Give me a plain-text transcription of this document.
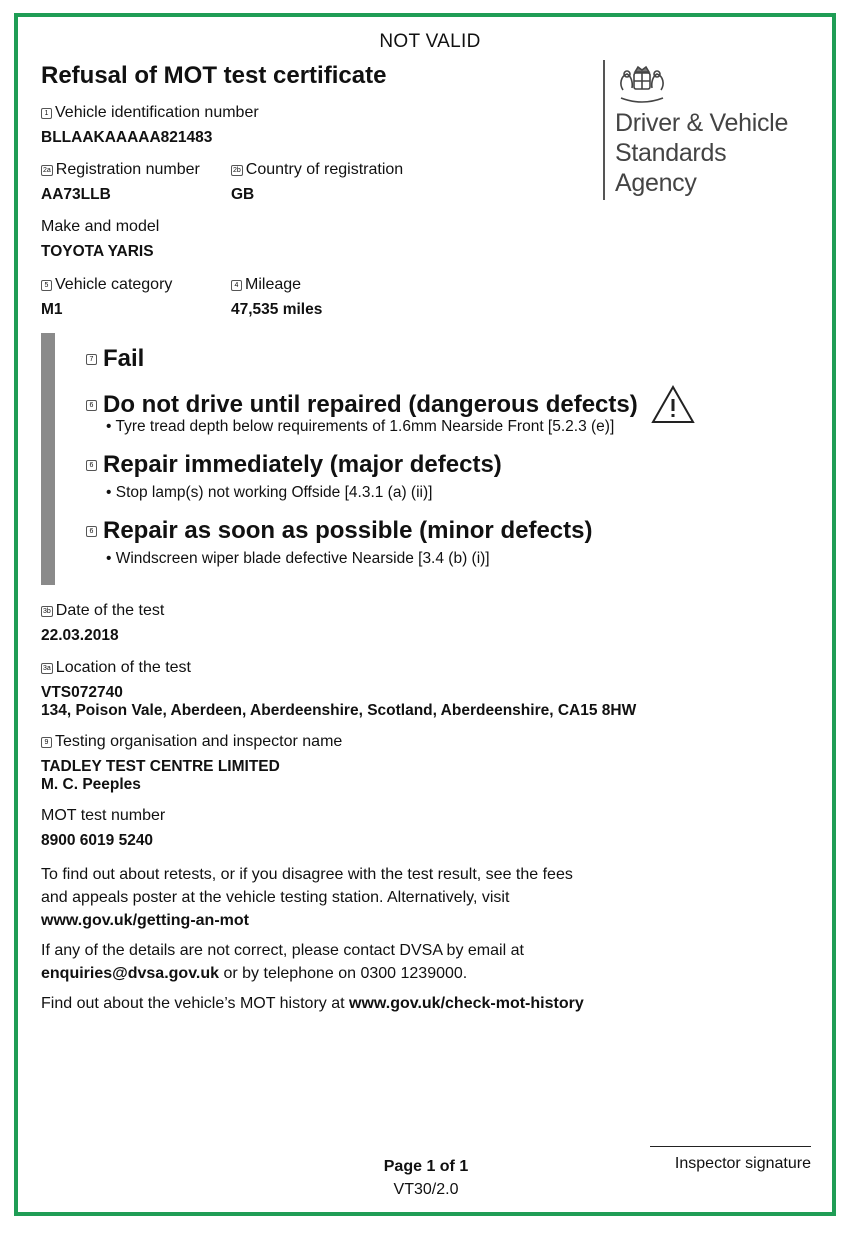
NOT VALID
Refusal of MOT test certificate
Driver & Vehicle
Standards
Agency
1 Vehicle identification number
BLLAAKAAAAA821483
2a Registration number
AA73LLB
2b Country of registration
GB
Make and model
TOYOTA YARIS
5 Vehicle category
M1
4 Mileage
47,535 miles
7 Fail
6 Do not drive until repaired (dangerous defects)
• Tyre tread depth below requirements of 1.6mm Nearside Front [5.2.3 (e)]
6 Repair immediately (major defects)
• Stop lamp(s) not working Offside [4.3.1 (a) (ii)]
6 Repair as soon as possible (minor defects)
• Windscreen wiper blade defective Nearside [3.4 (b) (i)]
3b Date of the test
22.03.2018
3a Location of the test
VTS072740
134, Poison Vale, Aberdeen, Aberdeenshire, Scotland, Aberdeenshire, CA15 8HW
9 Testing organisation and inspector name
TADLEY TEST CENTRE LIMITED
M. C. Peeples
MOT test number
8900 6019 5240
To find out about retests, or if you disagree with the test result, see the fees
and appeals poster at the vehicle testing station. Alternatively, visit
www.gov.uk/getting-an-mot
If any of the details are not correct, please contact DVSA by email at
enquiries@dvsa.gov.uk or by telephone on 0300 1239000.
Find out about the vehicle’s MOT history at www.gov.uk/check-mot-history
Page 1 of 1
VT30/2.0
Inspector signature
